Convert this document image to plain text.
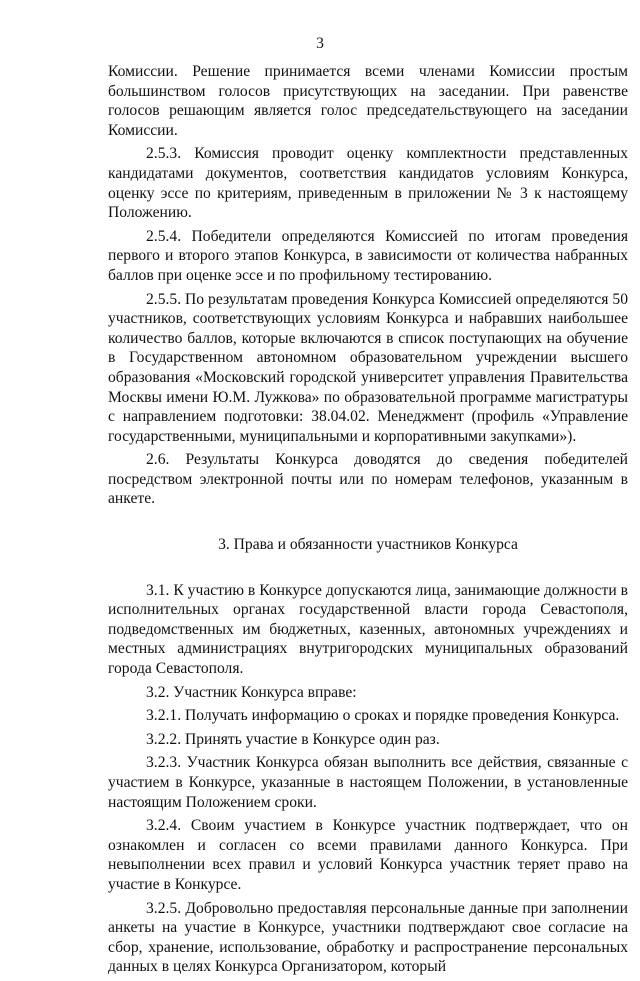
3

Комиссии. Решение принимается всеми членами Комиссии простым большинством голосов присутствующих на заседании. При равенстве голосов решающим является голос председательствующего на заседании Комиссии.

2.5.3. Комиссия проводит оценку комплектности представленных кандидатами документов, соответствия кандидатов условиям Конкурса, оценку эссе по критериям, приведенным в приложении № 3 к настоящему Положению.

2.5.4. Победители определяются Комиссией по итогам проведения первого и второго этапов Конкурса, в зависимости от количества набранных баллов при оценке эссе и по профильному тестированию.

2.5.5. По результатам проведения Конкурса Комиссией определяются 50 участников, соответствующих условиям Конкурса и набравших наибольшее количество баллов, которые включаются в список поступающих на обучение в Государственном автономном образовательном учреждении высшего образования «Московский городской университет управления Правительства Москвы имени Ю.М. Лужкова» по образовательной программе магистратуры с направлением подготовки: 38.04.02. Менеджмент (профиль «Управление государственными, муниципальными и корпоративными закупками»).

2.6. Результаты Конкурса доводятся до сведения победителей посредством электронной почты или по номерам телефонов, указанным в анкете.

3. Права и обязанности участников Конкурса

3.1. К участию в Конкурсе допускаются лица, занимающие должности в исполнительных органах государственной власти города Севастополя, подведомственных им бюджетных, казенных, автономных учреждениях и местных администрациях внутригородских муниципальных образований города Севастополя.

3.2. Участник Конкурса вправе:

3.2.1. Получать информацию о сроках и порядке проведения Конкурса.

3.2.2. Принять участие в Конкурсе один раз.

3.2.3. Участник Конкурса обязан выполнить все действия, связанные с участием в Конкурсе, указанные в настоящем Положении, в установленные настоящим Положением сроки.

3.2.4. Своим участием в Конкурсе участник подтверждает, что он ознакомлен и согласен со всеми правилами данного Конкурса. При невыполнении всех правил и условий Конкурса участник теряет право на участие в Конкурсе.

3.2.5. Добровольно предоставляя персональные данные при заполнении анкеты на участие в Конкурсе, участники подтверждают свое согласие на сбор, хранение, использование, обработку и распространение персональных данных в целях Конкурса Организатором, который
